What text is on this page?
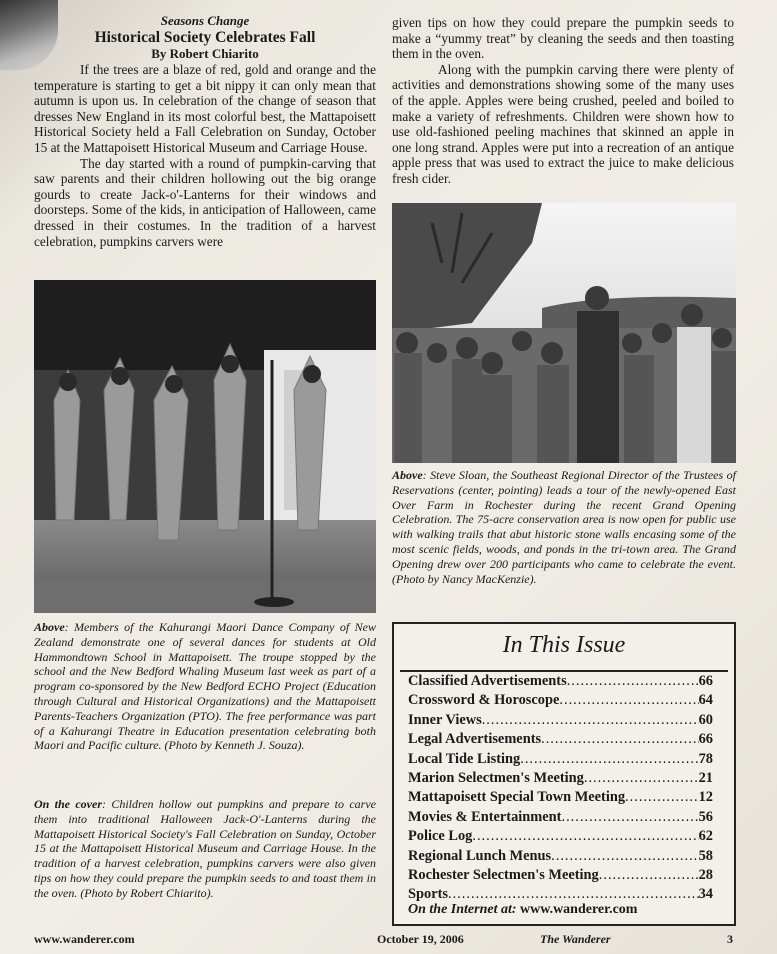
Seasons Change
Historical Society Celebrates Fall
By Robert Chiarito

If the trees are a blaze of red, gold and orange and the temperature is starting to get a bit nippy it can only mean that autumn is upon us. In celebration of the change of season that dresses New England in its most colorful best, the Mattapoisett Historical Society held a Fall Celebration on Sunday, October 15 at the Mattapoisett Historical Museum and Carriage House.

The day started with a round of pumpkin-carving that saw parents and their children hollowing out the big orange gourds to create Jack-o'-Lanterns for their windows and doorsteps. Some of the kids, in anticipation of Halloween, came dressed in their costumes. In the tradition of a harvest celebration, pumpkins carvers were

given tips on how they could prepare the pumpkin seeds to make a “yummy treat” by cleaning the seeds and then toasting them in the oven.

Along with the pumpkin carving there were plenty of activities and demonstrations showing some of the many uses of the apple. Apples were being crushed, peeled and boiled to make a variety of refreshments. Children were shown how to use old-fashioned peeling machines that skinned an apple in one long strand. Apples were put into a recreation of an antique apple press that was used to extract the juice to make delicious fresh cider.

Above: Members of the Kahurangi Maori Dance Company of New Zealand demonstrate one of several dances for students at Old Hammondtown School in Mattapoisett. The troupe stopped by the school and the New Bedford Whaling Museum last week as part of a program co-sponsored by the New Bedford ECHO Project (Education through Cultural and Historical Organizations) and the Mattapoisett Parents-Teachers Organization (PTO). The free performance was part of a Kahurangi Theatre in Education presentation celebrating both Maori and Pacific culture. (Photo by Kenneth J. Souza).
On the cover: Children hollow out pumpkins and prepare to carve them into traditional Halloween Jack-O'-Lanterns during the Mattapoisett Historical Society's Fall Celebration on Sunday, October 15 at the Mattapoisett Historical Museum and Carriage House. In the tradition of a harvest celebration, pumpkins carvers were also given tips on how they could prepare the pumpkin seeds to and toast them in the oven. (Photo by Robert Chiarito).
Above: Steve Sloan, the Southeast Regional Director of the Trustees of Reservations (center, pointing) leads a tour of the newly-opened East Over Farm in Rochester during the recent Grand Opening Celebration. The 75-acre conservation area is now open for public use with walking trails that abut historic stone walls encasing some of the most scenic fields, woods, and ponds in the tri-town area. The Grand Opening drew over 200 participants who came to celebrate the event. (Photo by Nancy MacKenzie).
In This Issue
Classified Advertisements .....	66
Crossword & Horoscope .....	64
Inner Views .....	60
Legal Advertisements .....	66
Local Tide Listing .....	78
Marion Selectmen's Meeting .....	21
Mattapoisett Special Town Meeting .....	12
Movies & Entertainment .....	56
Police Log .....	62
Regional Lunch Menus .....	58
Rochester Selectmen's Meeting .....	28
Sports .....	34
On the Internet at: www.wanderer.com
www.wanderer.com	October 19, 2006	The Wanderer	3
